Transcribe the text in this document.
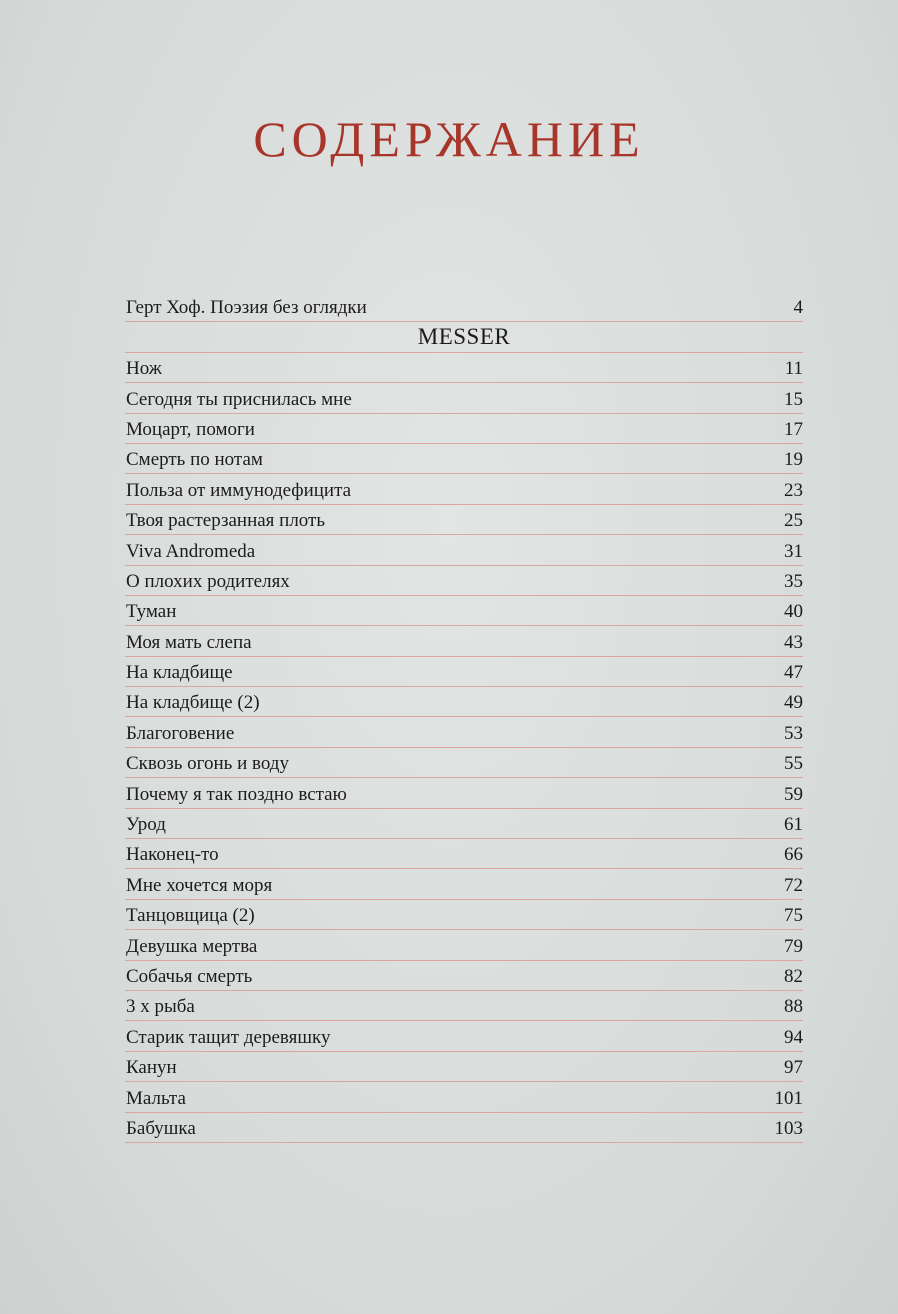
СОДЕРЖАНИЕ
Герт Хоф. Поэзия без оглядки	4
MESSER
Нож	11
Сегодня ты приснилась мне	15
Моцарт, помоги	17
Смерть по нотам	19
Польза от иммунодефицита	23
Твоя растерзанная плоть	25
Viva Andromeda	31
О плохих родителях	35
Туман	40
Моя мать слепа	43
На кладбище	47
На кладбище (2)	49
Благоговение	53
Сквозь огонь и воду	55
Почему я так поздно встаю	59
Урод	61
Наконец-то	66
Мне хочется моря	72
Танцовщица (2)	75
Девушка мертва	79
Собачья смерть	82
3 x рыба	88
Старик тащит деревяшку	94
Канун	97
Мальта	101
Бабушка	103
